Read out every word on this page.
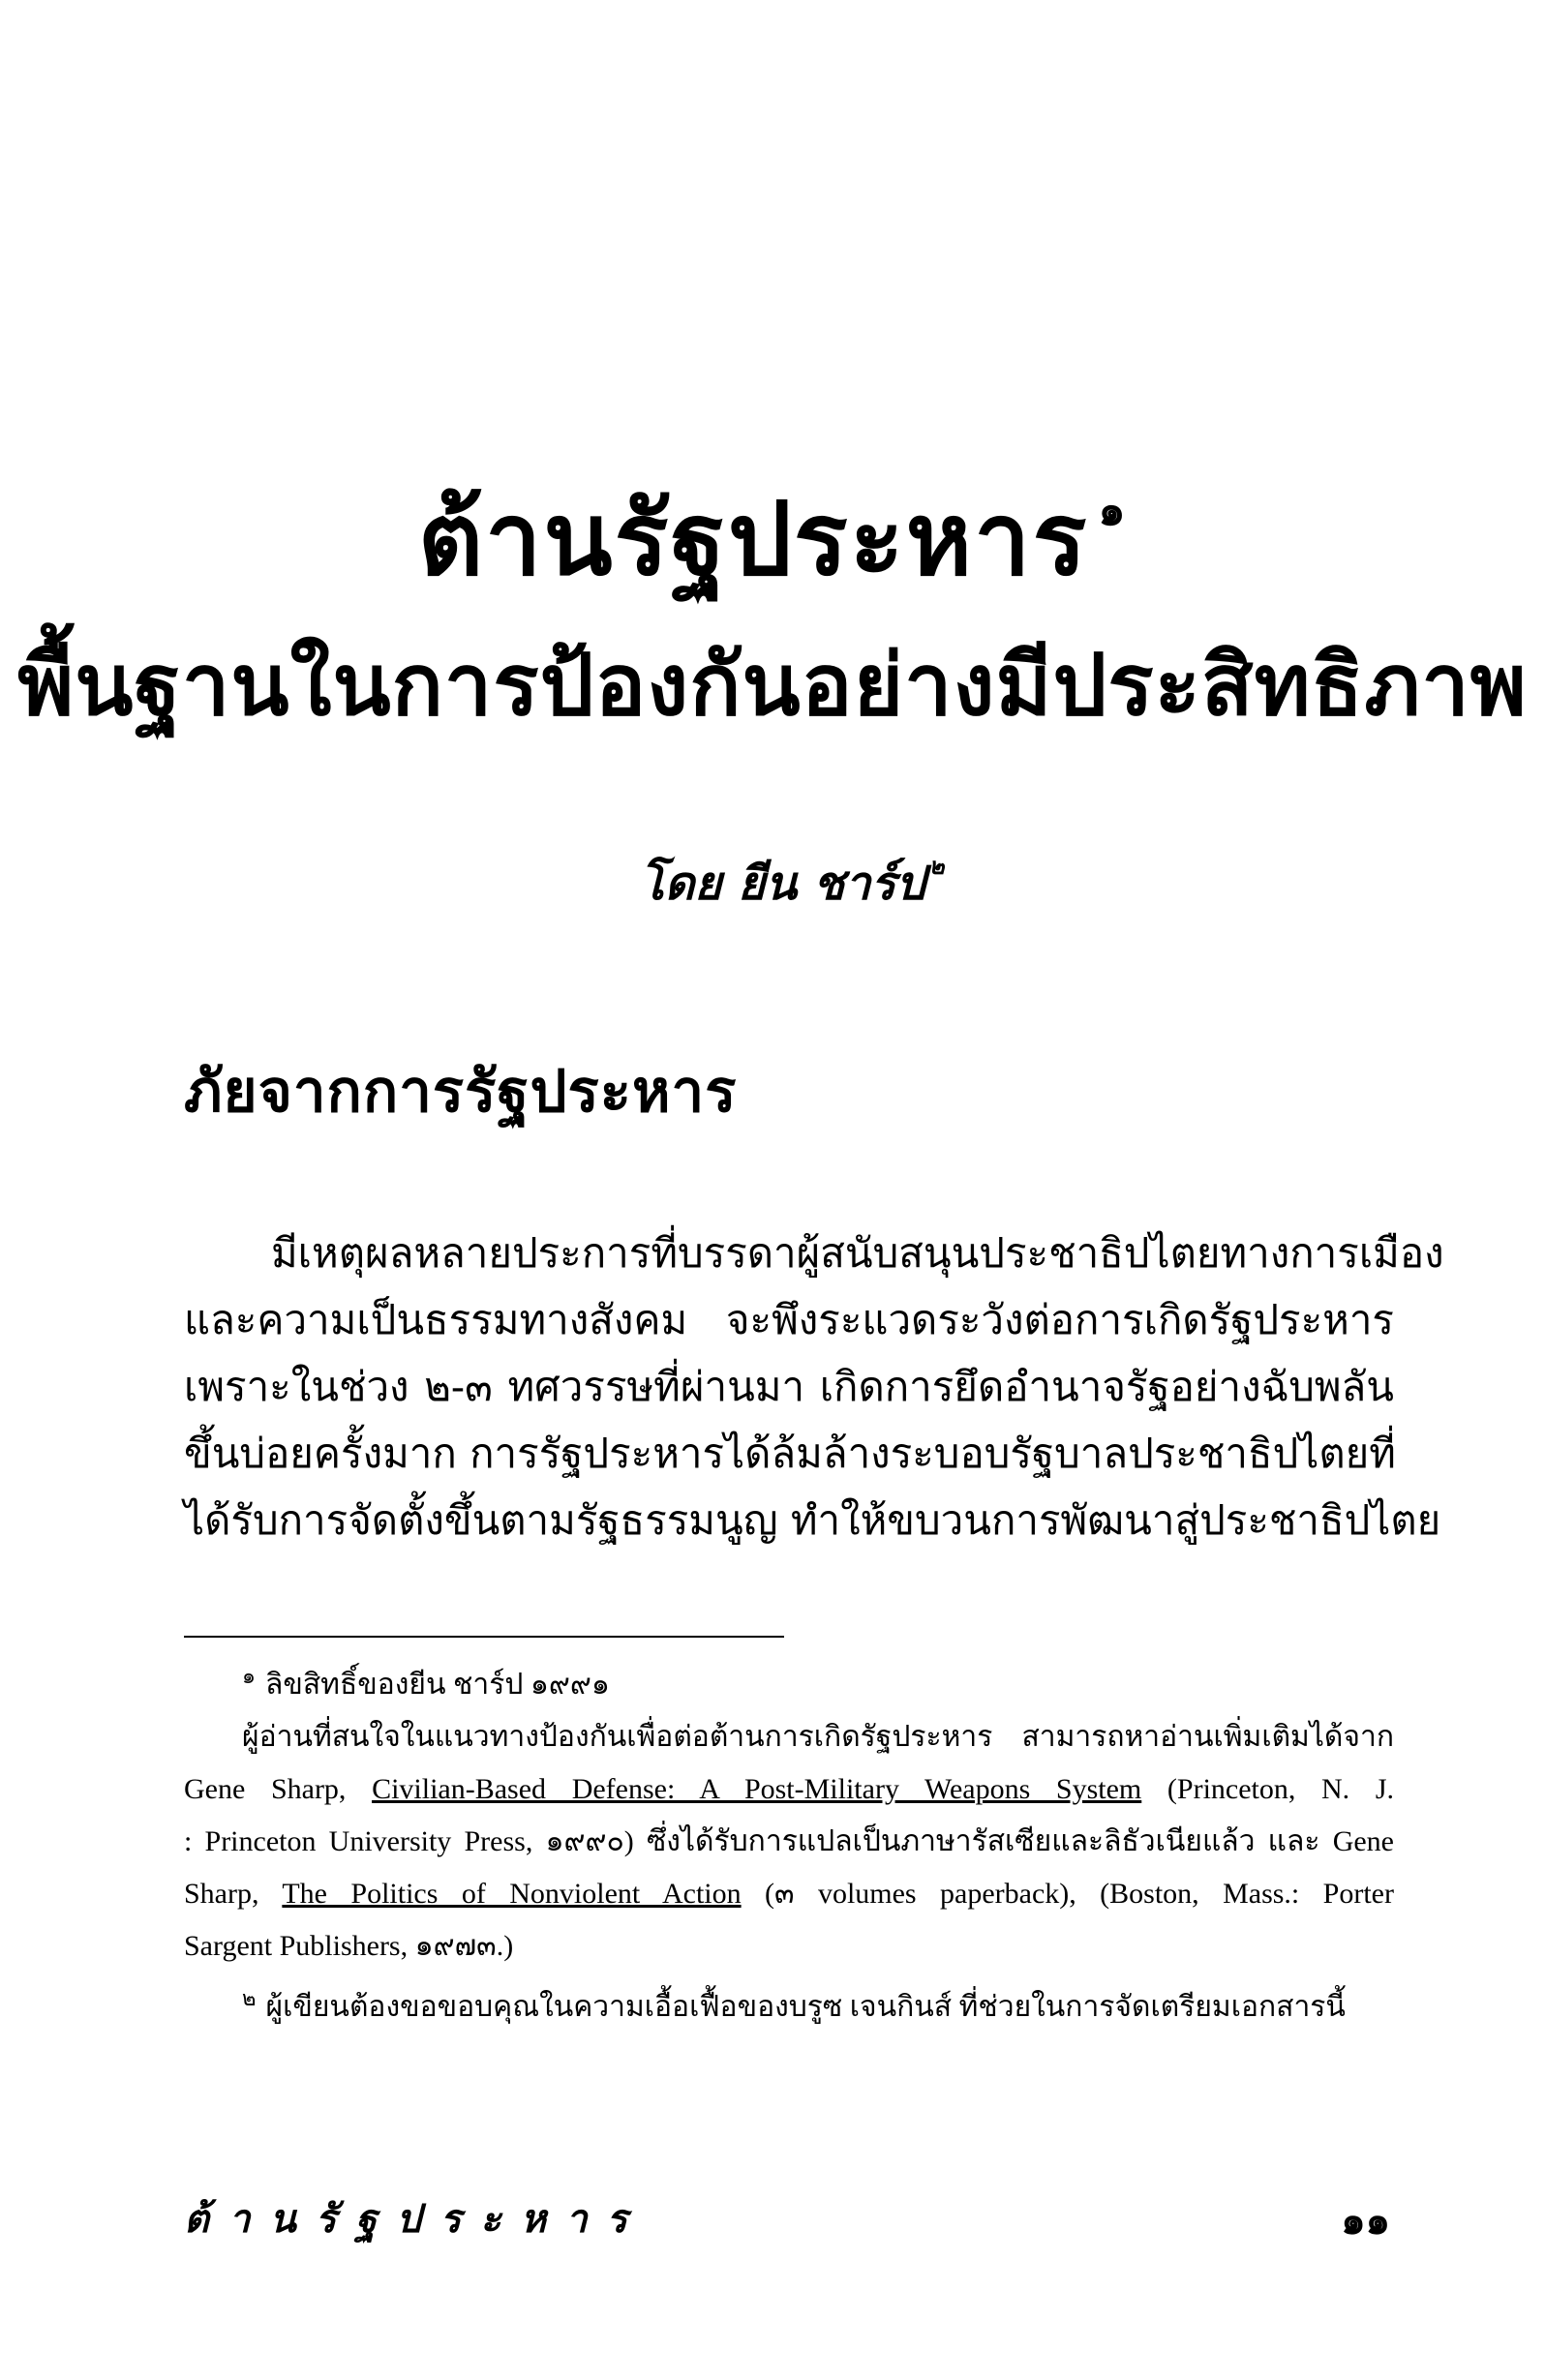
ต้านรัฐประหาร $^๑$
พื้นฐานในการป้องกันอย่างมีประสิทธิภาพ
โดย ยีน ชาร์ป $^๒$
ภัยจากการรัฐประหาร
มีเหตุผลหลายประการที่บรรดาผู้สนับสนุนประชาธิปไตยทางการเมือง
และความเป็นธรรมทางสังคม จะพึงระแวดระวังต่อการเกิดรัฐประหาร
เพราะในช่วง ๒-๓ ทศวรรษที่ผ่านมา เกิดการยึดอำนาจรัฐอย่างฉับพลัน
ขึ้นบ่อยครั้งมาก การรัฐประหารได้ล้มล้างระบอบรัฐบาลประชาธิปไตยที่
ได้รับการจัดตั้งขึ้นตามรัฐธรรมนูญ ทำให้ขบวนการพัฒนาสู่ประชาธิปไตย
๑ ลิขสิทธิ์ของยีน ชาร์ป ๑๙๙๑
ผู้อ่านที่สนใจในแนวทางป้องกันเพื่อต่อต้านการเกิดรัฐประหาร สามารถหาอ่านเพิ่มเติมได้จาก
Gene Sharp, Civilian-Based Defense: A Post-Military Weapons System (Princeton, N. J.
: Princeton University Press, ๑๙๙๐) ซึ่งได้รับการแปลเป็นภาษารัสเซียและลิธัวเนียแล้ว และ Gene
Sharp, The Politics of Nonviolent Action (๓ volumes paperback), (Boston, Mass.: Porter
Sargent Publishers, ๑๙๗๓.)
๒ ผู้เขียนต้องขอขอบคุณในความเอื้อเฟื้อของบรูซ เจนกินส์ ที่ช่วยในการจัดเตรียมเอกสารนี้
ต้านรัฐประหาร	๑๑
